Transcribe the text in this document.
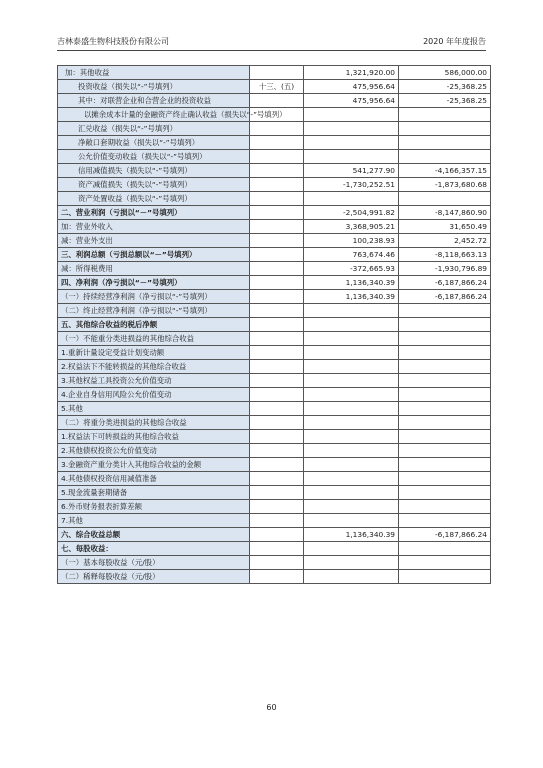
吉林泰盛生物科技股份有限公司	2020 年年度报告
加：其他收益		1,321,920.00	586,000.00
投资收益（损失以“-”号填列）	十三、(五)	475,956.64	-25,368.25
其中：对联营企业和合营企业的投资收益		475,956.64	-25,368.25
以摊余成本计量的金融资产终止确认收益（损失以“-”号填列）			
汇兑收益（损失以“-”号填列）			
净敞口套期收益（损失以“-”号填列）			
公允价值变动收益（损失以“-”号填列）			
信用减值损失（损失以“-”号填列）		541,277.90	-4,166,357.15
资产减值损失（损失以“-”号填列）		-1,730,252.51	-1,873,680.68
资产处置收益（损失以“-”号填列）			
二、营业利润（亏损以“－”号填列）		-2,504,991.82	-8,147,860.90
加：营业外收入		3,368,905.21	31,650.49
减：营业外支出		100,238.93	2,452.72
三、利润总额（亏损总额以“－”号填列）		763,674.46	-8,118,663.13
减：所得税费用		-372,665.93	-1,930,796.89
四、净利润（净亏损以“－”号填列）		1,136,340.39	-6,187,866.24
（一）持续经营净利润（净亏损以“-”号填列）		1,136,340.39	-6,187,866.24
（二）终止经营净利润（净亏损以“-”号填列）			
五、其他综合收益的税后净额			
（一）不能重分类进损益的其他综合收益			
1.重新计量设定受益计划变动额			
2.权益法下不能转损益的其他综合收益			
3.其他权益工具投资公允价值变动			
4.企业自身信用风险公允价值变动			
5.其他			
（二）将重分类进损益的其他综合收益			
1.权益法下可转损益的其他综合收益			
2.其他债权投资公允价值变动			
3.金融资产重分类计入其他综合收益的金额			
4.其他债权投资信用减值准备			
5.现金流量套期储备			
6.外币财务报表折算差额			
7.其他			
六、综合收益总额		1,136,340.39	-6,187,866.24
七、每股收益：			
（一）基本每股收益（元/股）			
（二）稀释每股收益（元/股）			
60
